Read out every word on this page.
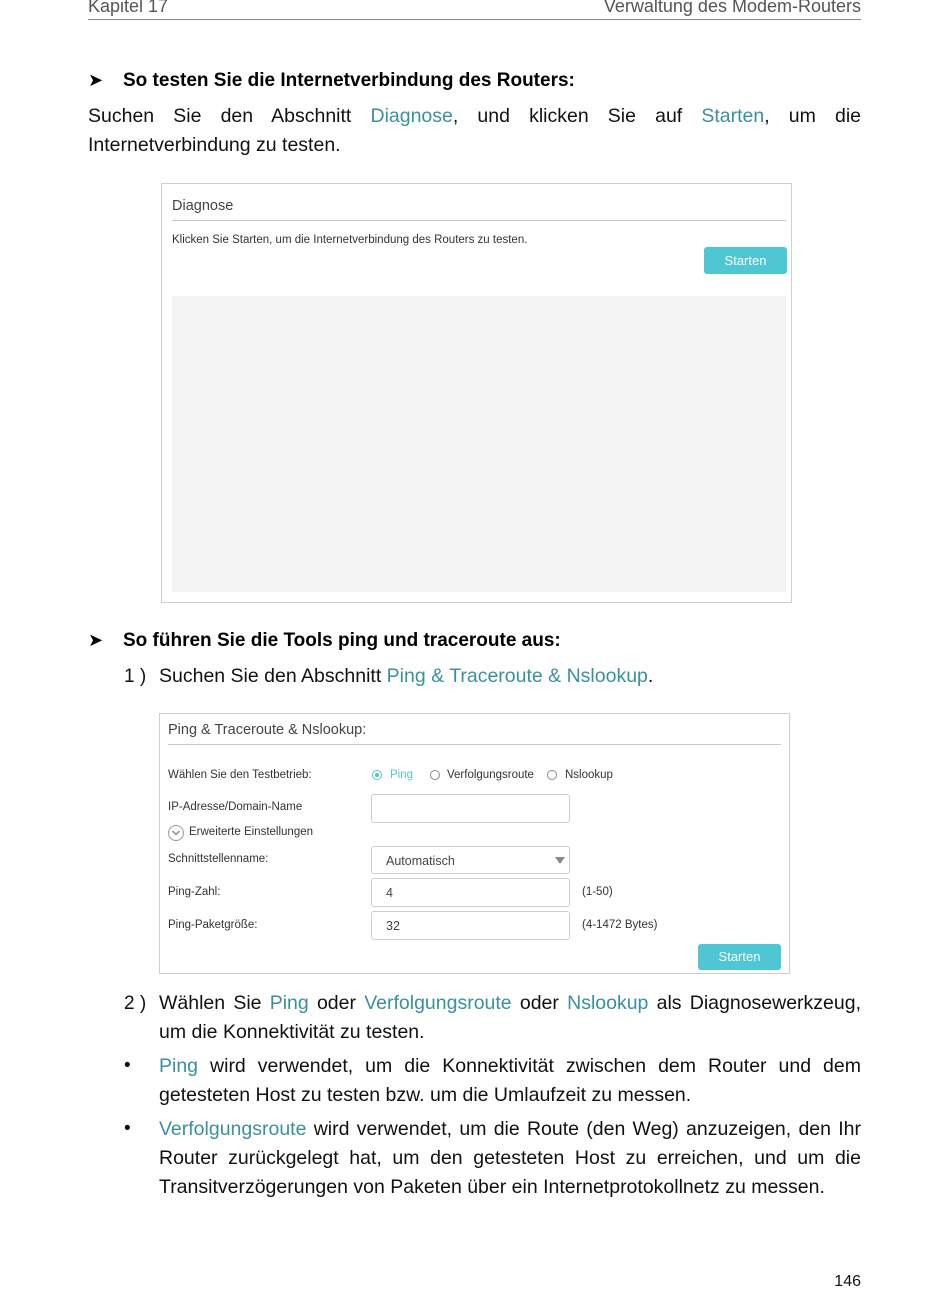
Kapitel 17	Verwaltung des Modem-Routers
➤ So testen Sie die Internetverbindung des Routers:
Suchen Sie den Abschnitt Diagnose, und klicken Sie auf Starten, um die Internetverbindung zu testen.
Diagnose
Klicken Sie Starten, um die Internetverbindung des Routers zu testen.
Starten
➤ So führen Sie die Tools ping und traceroute aus:
1 ) Suchen Sie den Abschnitt Ping & Traceroute & Nslookup.
Ping & Traceroute & Nslookup:
Wählen Sie den Testbetrieb:	Ping	Verfolgungsroute	Nslookup
IP-Adresse/Domain-Name
Erweiterte Einstellungen
Schnittstellenname:	Automatisch
Ping-Zahl:	4	(1-50)
Ping-Paketgröße:	32	(4-1472 Bytes)
Starten
2 ) Wählen Sie Ping oder Verfolgungsroute oder Nslookup als Diagnosewerkzeug, um die Konnektivität zu testen.
• Ping wird verwendet, um die Konnektivität zwischen dem Router und dem getesteten Host zu testen bzw. um die Umlaufzeit zu messen.
• Verfolgungsroute wird verwendet, um die Route (den Weg) anzuzeigen, den Ihr Router zurückgelegt hat, um den getesteten Host zu erreichen, und um die Transitverzögerungen von Paketen über ein Internetprotokollnetz zu messen.
146
